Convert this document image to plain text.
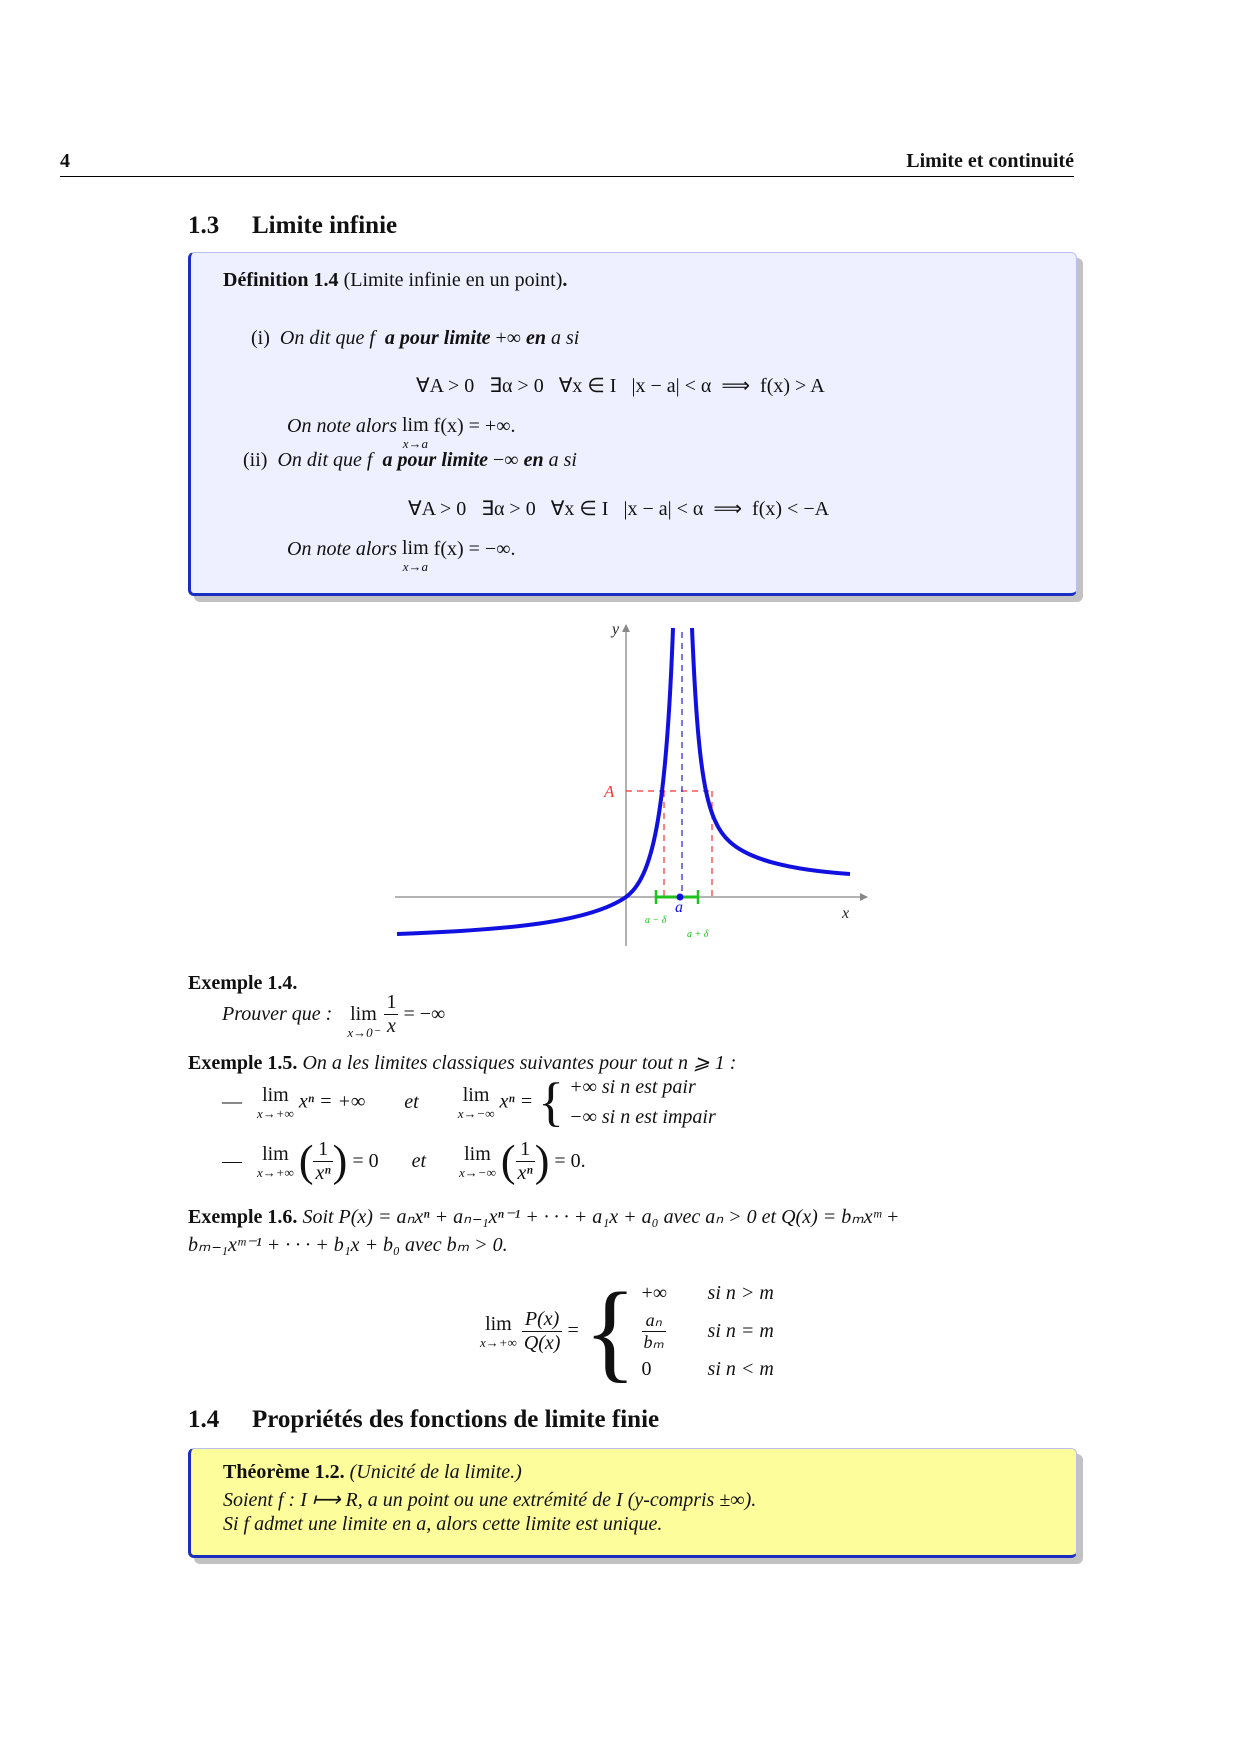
4	Limite et continuité
1.3 Limite infinie
Définition 1.4 (Limite infinie en un point).
(i) On dit que f a pour limite +∞ en a si
∀A > 0   ∃α > 0   ∀x ∈ I   |x − a| < α  ⟹  f(x) > A
On note alors lim
x→a
f(x) = +∞.
(ii) On dit que f a pour limite −∞ en a si
∀A > 0   ∃α > 0   ∀x ∈ I   |x − a| < α  ⟹  f(x) < −A
On note alors lim
x→a
f(x) = −∞.
y
x
A
a
a − δ
a + δ
Exemple 1.4.
Prouver que : lim
x→0⁻
$\frac{1}{x}$ = −∞
Exemple 1.5. On a les limites classiques suivantes pour tout n ⩾ 1 :
— lim
x→+∞
xⁿ = +∞ et lim
x→−∞
xⁿ = { +∞ si n est pair
−∞ si n est impair
— lim
x→+∞ ( $\frac{1}{\text{xⁿ}}$ ) = 0 et lim
x→−∞ ( $\frac{1}{\text{xⁿ}}$ ) = 0.
Exemple 1.6. Soit P(x) = aₙxⁿ + aₙ₋₁xⁿ⁻¹ + · · · + a₁x + a₀ avec aₙ > 0 et Q(x) = bₘxᵐ +
bₘ₋₁xᵐ⁻¹ + · · · + b₁x + b₀ avec bₘ > 0.
lim
x→+∞
$\frac{P(x)}{Q(x)}$ = { +∞	si n > m
$\frac{\text{aₙ}}{\text{bₘ}}$ si n = m
0	si n < m
1.4 Propriétés des fonctions de limite finie
Théorème 1.2. (Unicité de la limite.)
Soient f : I ⟼ R, a un point ou une extrémité de I (y-compris ±∞).
Si f admet une limite en a, alors cette limite est unique.
